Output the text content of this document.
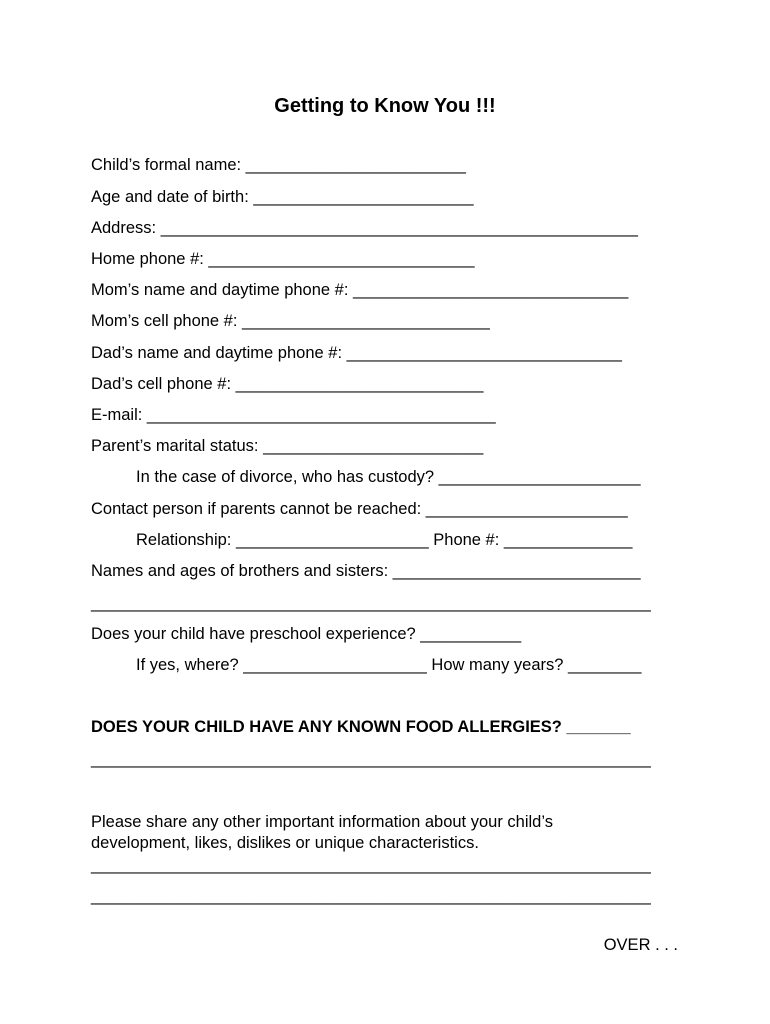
Getting to Know You !!!
Child’s formal name: ________________________
Age and date of birth: ________________________
Address: ____________________________________________________
Home phone #: _____________________________
Mom’s name and daytime phone #: ______________________________
Mom’s cell phone #: ___________________________
Dad’s name and daytime phone #: ______________________________
Dad’s cell phone #: ___________________________
E-mail: ______________________________________
Parent’s marital status: ________________________
In the case of divorce, who has custody? ______________________
Contact person if parents cannot be reached: ______________________
Relationship: _____________________ Phone #: ______________
Names and ages of brothers and sisters: ___________________________
_____________________________________________________________
Does your child have preschool experience? ___________
If yes, where? ____________________ How many years? ________
DOES YOUR CHILD HAVE ANY KNOWN FOOD ALLERGIES? _______
_____________________________________________________________
Please share any other important information about your child’s development, likes, dislikes or unique characteristics.
_____________________________________________________________
_____________________________________________________________
OVER . . .
